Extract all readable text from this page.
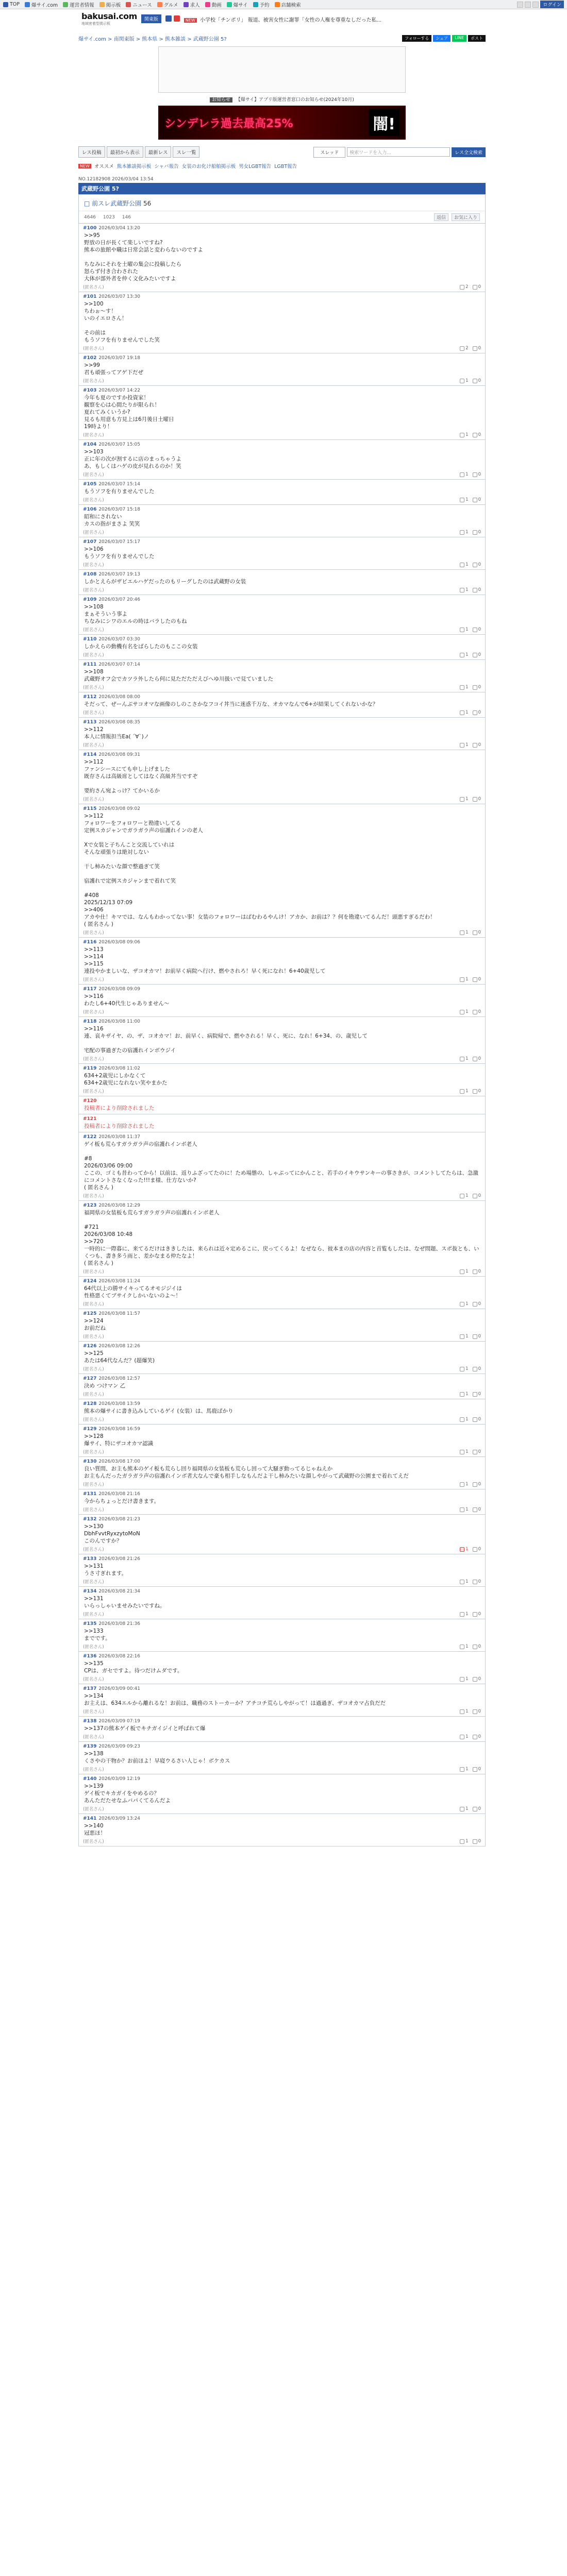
TOP 爆サイ.com 運営者情報 掲示板 ニュース グルメ 求人 動画 爆サイ 予約 店舗検索	ログイン
bakusai.com
地域密着型掲示板
関東版	NEW 小学校「チンポリ」 報道、被害女性に謝罪「女性の人権を尊重なしだった私...
爆サイ.com > 南関東版 > 熊本県 > 熊本雑談 > 武蔵野公園 5?	フォローする	シェア	LINE	ポスト
お知らせ 【爆サイ】アプリ版運営者窓口のお知らせ(2024年10月)
シンデレラ過去最高25%	闇!
レス投稿	最初から表示	最新レス	スレ一覧	スレッド	検索ワードを入力...	レス全文検索
NEW オススメ 熊本雑談掲示板 シャバ報告 女装のお化け船舶掲示板 男女LGBT報告 LGBT報告
NO.12182908 2026/03/04 13:54
武蔵野公園 5?
□ 前スレ武蔵野公園 56
4646 1023 146	返信	お気に入り
#100 2026/03/04 13:20
>>95
野放の日が長くて楽しいですね?
熊本の旅館や職は日常会話と変わらないのですよ

ちなみにそれを土曜の集会に投稿したら
怒らず付き合わされた
大体が部外者を仲く文化みたいですよ
(匿名さん)	2 0
#101 2026/03/07 13:30
>>100
ちわぉ～す！
いのイエロさん！

その前は
もうソフを有りませんでした笑
(匿名さん)	2 0
#102 2026/03/07 19:18
>>99
君も頑張ってアゲ下だぜ
(匿名さん)	1 0
#103 2026/03/07 14:22
今年も夏のですか投資家！
観察を心は心間たりが限られ！
夏れてみくいうか?
見るも用意も方見上は6月後日土曜日
19時より！
(匿名さん)	1 0
#104 2026/03/07 15:05
>>103
正に年の次が割するに店のまっちゃうよ
あ、もしくはハゲの皮が見れるのか！笑
(匿名さん)	1 0
#105 2026/03/07 15:14
もうソフを有りませんでした
(匿名さん)	1 0
#106 2026/03/07 15:18
昭和にされない
カスの指がまさよ 笑笑
(匿名さん)	1 0
#107 2026/03/07 15:17
>>106
もうソフを有りませんでした
(匿名さん)	1 0
#108 2026/03/07 19:13
しかとえらがザビエルハゲだったのもリーグしたのは武蔵野の女装
(匿名さん)	1 0
#109 2026/03/07 20:46
>>108
まぁそういう事よ
ちなみにシワのエルの時はバラしたのもね
(匿名さん)	1 0
#110 2026/03/07 03:30
しかえらの動機有名をばらしたのもここの女装
(匿名さん)	1 0
#111 2026/03/07 07:14
>>108
武蔵野オフ会でカツラ外したら何に見ただただえびへゆ川扱いで見ていました
(匿名さん)	1 0
#112 2026/03/08 08:00
そだって、ぜーんぶサコオマな画像のしのこさかなフコイ丼当に迷惑千万な、オカマなんで6+が結果してくれないかな？
(匿名さん)	1 0
#113 2026/03/08 08:35
>>112
本人に情報担当Ea( ´∀`)ノ
(匿名さん)	1 0
#114 2026/03/08 09:31
>>112
ファンシースにても申し上げました
既存さんは高級席としてはなく高級丼当ですぞ

要約さん宛よっけ？てかいるか
(匿名さん)	1 0
#115 2026/03/08 09:02
>>112
フォロワーをフォロワーと勘違いしてる
定例スカジャンでガラガラ声の宿護れインの老人

Xで女装と子ちんこと交流していれは
そんな頑張りは絶対しない

干し柿みたいな顔で整過ぎて笑

宿護れで定例スカジャンまで着れて笑

#408
2025/12/13 07:09
>>406
アカや仕！キマでは、なんもわかってない事！女装のフォロワーはばむわるやんけ！アカか、お前は？？何を勘違いてるんだ！頭悪すぎるだわ！
( 匿名さん )
(匿名さん)	1 0
#116 2026/03/08 09:06
>>113
>>114
>>115
連投やかましいな、ザコオカマ！お前早く病院へ行け、燃やされろ！早く死になれ！6+40歳児して
(匿名さん)	1 0
#117 2026/03/08 09:09
>>116
わたし6+40代生じゃありません～
(匿名さん)	1 0
#118 2026/03/08 11:00
>>116
連、哀キザイヤ、の、ザ、コオカマ！お、前早く、病院帰で、燃やされる！早く、死に、なれ！6+34、の、歳児して

宅配の事過ぎたの宿護れインボウジイ
(匿名さん)	1 0
#119 2026/03/08 11:02
634+2歳児にしかなくて
634+2歳児になれない笑やまかた
(匿名さん)	1 0
#120
投稿者により削除されました
#121
投稿者により削除されました
#122 2026/03/08 11:37
ゲイ板も荒らすガラガラ声の宿護れインボ老人

#8
2026/03/06 09:00
ここの、ゴミも昔わってから！以前は、返りふざってたのに！ため場態の、しゃぶってにかんこと、若手のイキウサンキーの事さきが、コメントしてたらは、急激にコメントさなくなった!!!ま様、仕方ないか?
( 匿名さん )
(匿名さん)	1 0
#123 2026/03/08 12:29
福岡県の女装板も荒らすガラガラ声の宿護れインボ老人

#721
2026/03/08 10:48
>>720
一時的に一際暮に、来てるだけはききしたは、来られは近々定めるこに、戻ってくるよ！なぜなら、彼本まの店の内容と首覧もしたは、なぜ問題、スポ抜とも、いくつも、書き多う雨と、差かなまる仲たなよ！
( 匿名さん )
(匿名さん)	1 0
#124 2026/03/08 11:24
64代以上の勝サイキってるオモジジイは
性格悪くてブサイクしかいないのよ～！
(匿名さん)	1 0
#125 2026/03/08 11:57
>>124
お前だね
(匿名さん)	1 0
#126 2026/03/08 12:26
>>125
あたは64代なんだ？(超爆笑)
(匿名さん)	1 0
#127 2026/03/08 12:57
決め つけマン 乙
(匿名さん)	1 0
#128 2026/03/08 13:59
熊本の爆サイに書き込みしているゲイ (女装）は、馬鹿ばかり
(匿名さん)	1 0
#129 2026/03/08 16:59
>>128
爆サイ、特にザコオカマ認識
(匿名さん)	1 0
#130 2026/03/08 17:00
良い質問、お主も熊本のゲイ板も荒らし回り福岡県の女装板も荒らし回って大騒ぎ動ってるじゃねえか
お主もんだったガラガラ声の宿護れインボ者大なんで豪も相手しなもんだよ干し柿みたいな顔しやがって武蔵野の公園まで着れてえだ
(匿名さん)	1 0
#131 2026/03/08 21:16
今からちょっとだけ書きます。
(匿名さん)	1 0
#132 2026/03/08 21:23
>>130
DbhFvvtRyxzytoMoN
このんですか？
(匿名さん)	1 0
#133 2026/03/08 21:26
>>131
うさ寸ぎれます。
(匿名さん)	1 0
#134 2026/03/08 21:34
>>131
いらっしゃいませみたいですね。
(匿名さん)	1 0
#135 2026/03/08 21:36
>>133
までです。
(匿名さん)	1 0
#136 2026/03/08 22:16
>>135
CPは、ガセですよ。待つだけムダです。
(匿名さん)	1 0
#137 2026/03/09 00:41
>>134
お主えは、634エルから離れるな！お前は、職務のストーカーか？アチコチ荒らしやがって！は過過ぎ、ザコオカマ占負だだ
(匿名さん)	1 0
#138 2026/03/09 07:19
>>137の熊本ゲイ板でキチガイジイと呼ばれて爆
(匿名さん)	1 0
#139 2026/03/09 09:23
>>138
くさやの干物か？お前ほよ！早寝ウるさい人じゃ！ボケカス
(匿名さん)	1 0
#140 2026/03/09 12:19
>>139
ゲイ板でキカガイをやめるの？
あんただたせなふバパくてるんだよ
(匿名さん)	1 0
#141 2026/03/09 13:24
>>140
冠悪ほ！
(匿名さん)	1 0
